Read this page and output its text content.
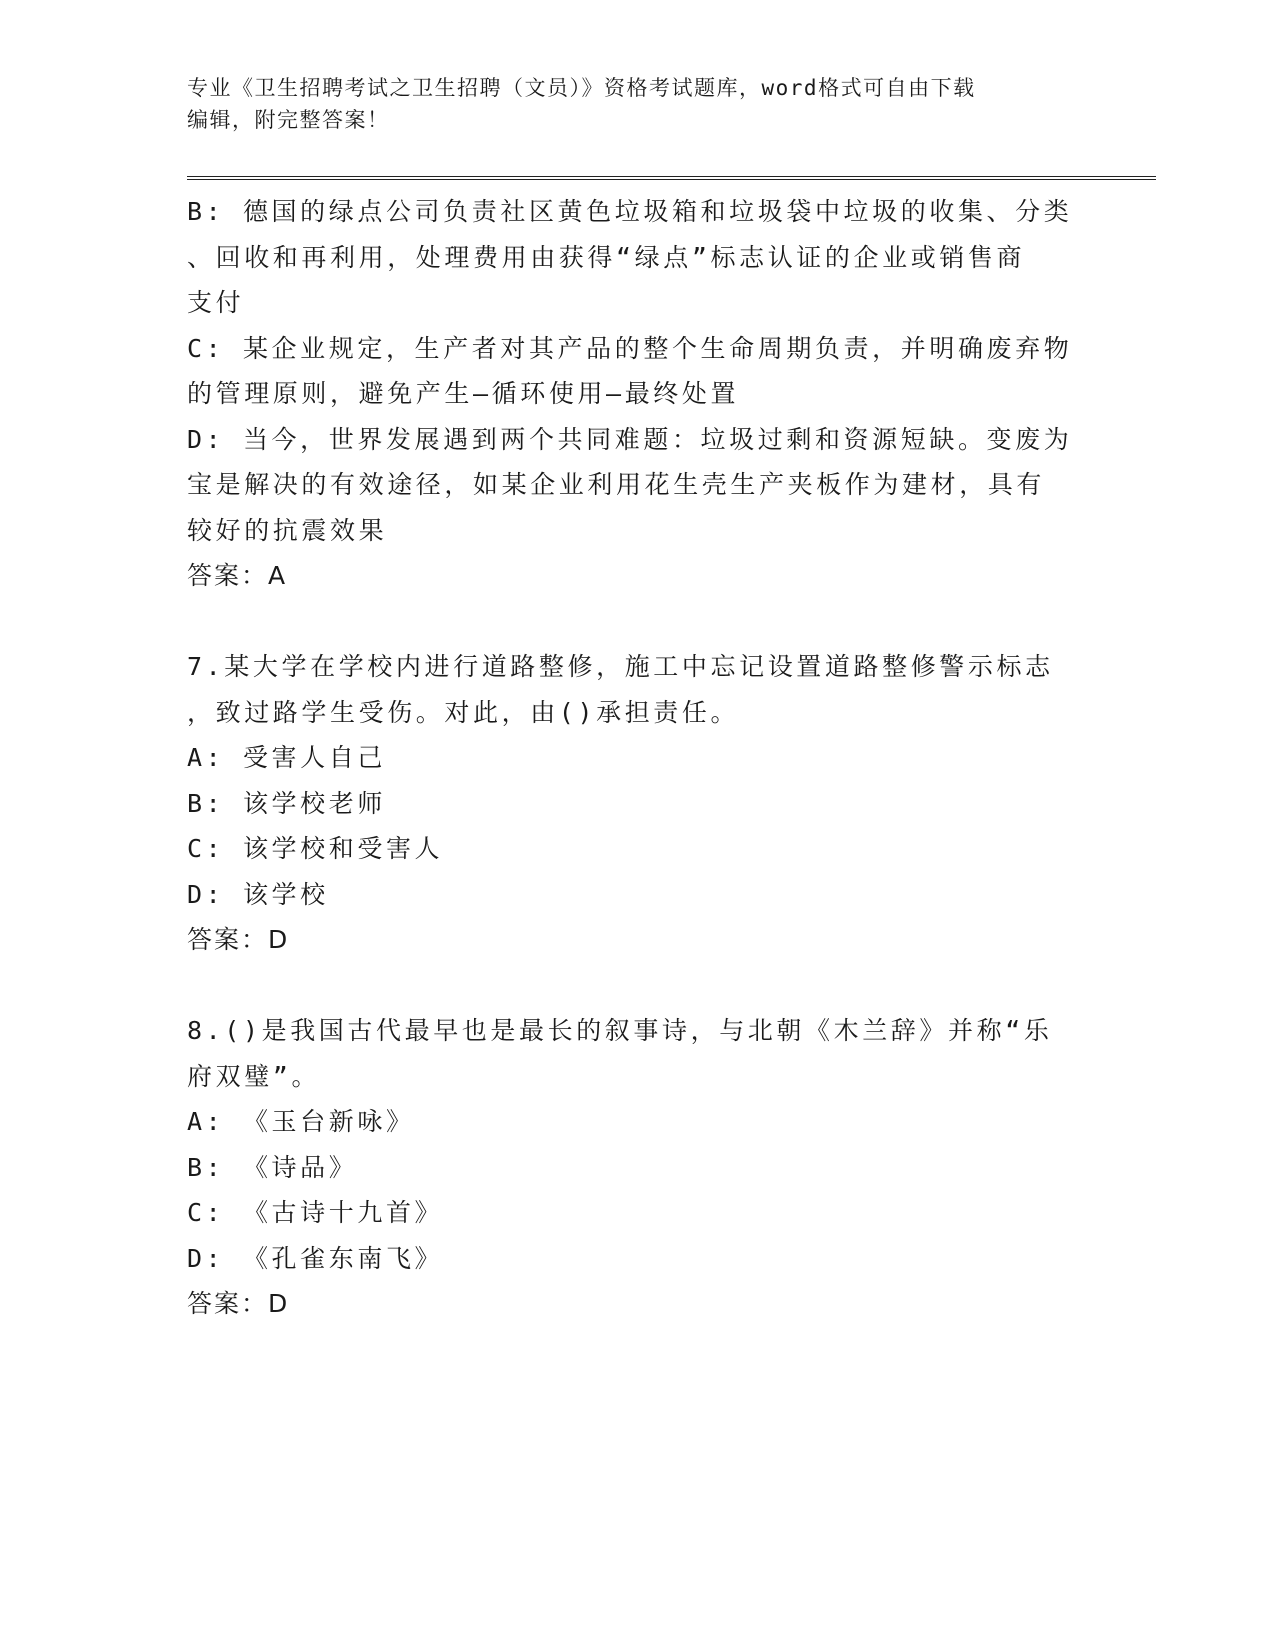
专业《卫生招聘考试之卫生招聘（文员）》资格考试题库，word格式可自由下载
编辑，附完整答案！
B: 德国的绿点公司负责社区黄色垃圾箱和垃圾袋中垃圾的收集、分类
、回收和再利用，处理费用由获得“绿点”标志认证的企业或销售商
支付
C: 某企业规定，生产者对其产品的整个生命周期负责，并明确废弃物
的管理原则，避免产生—循环使用—最终处置
D: 当今，世界发展遇到两个共同难题：垃圾过剩和资源短缺。变废为
宝是解决的有效途径，如某企业利用花生壳生产夹板作为建材，具有
较好的抗震效果
答案：A
7.某大学在学校内进行道路整修，施工中忘记设置道路整修警示标志
，致过路学生受伤。对此，由()承担责任。
A: 受害人自己
B: 该学校老师
C: 该学校和受害人
D: 该学校
答案：D
8.()是我国古代最早也是最长的叙事诗，与北朝《木兰辞》并称“乐
府双璧”。
A: 《玉台新咏》
B: 《诗品》
C: 《古诗十九首》
D: 《孔雀东南飞》
答案：D
